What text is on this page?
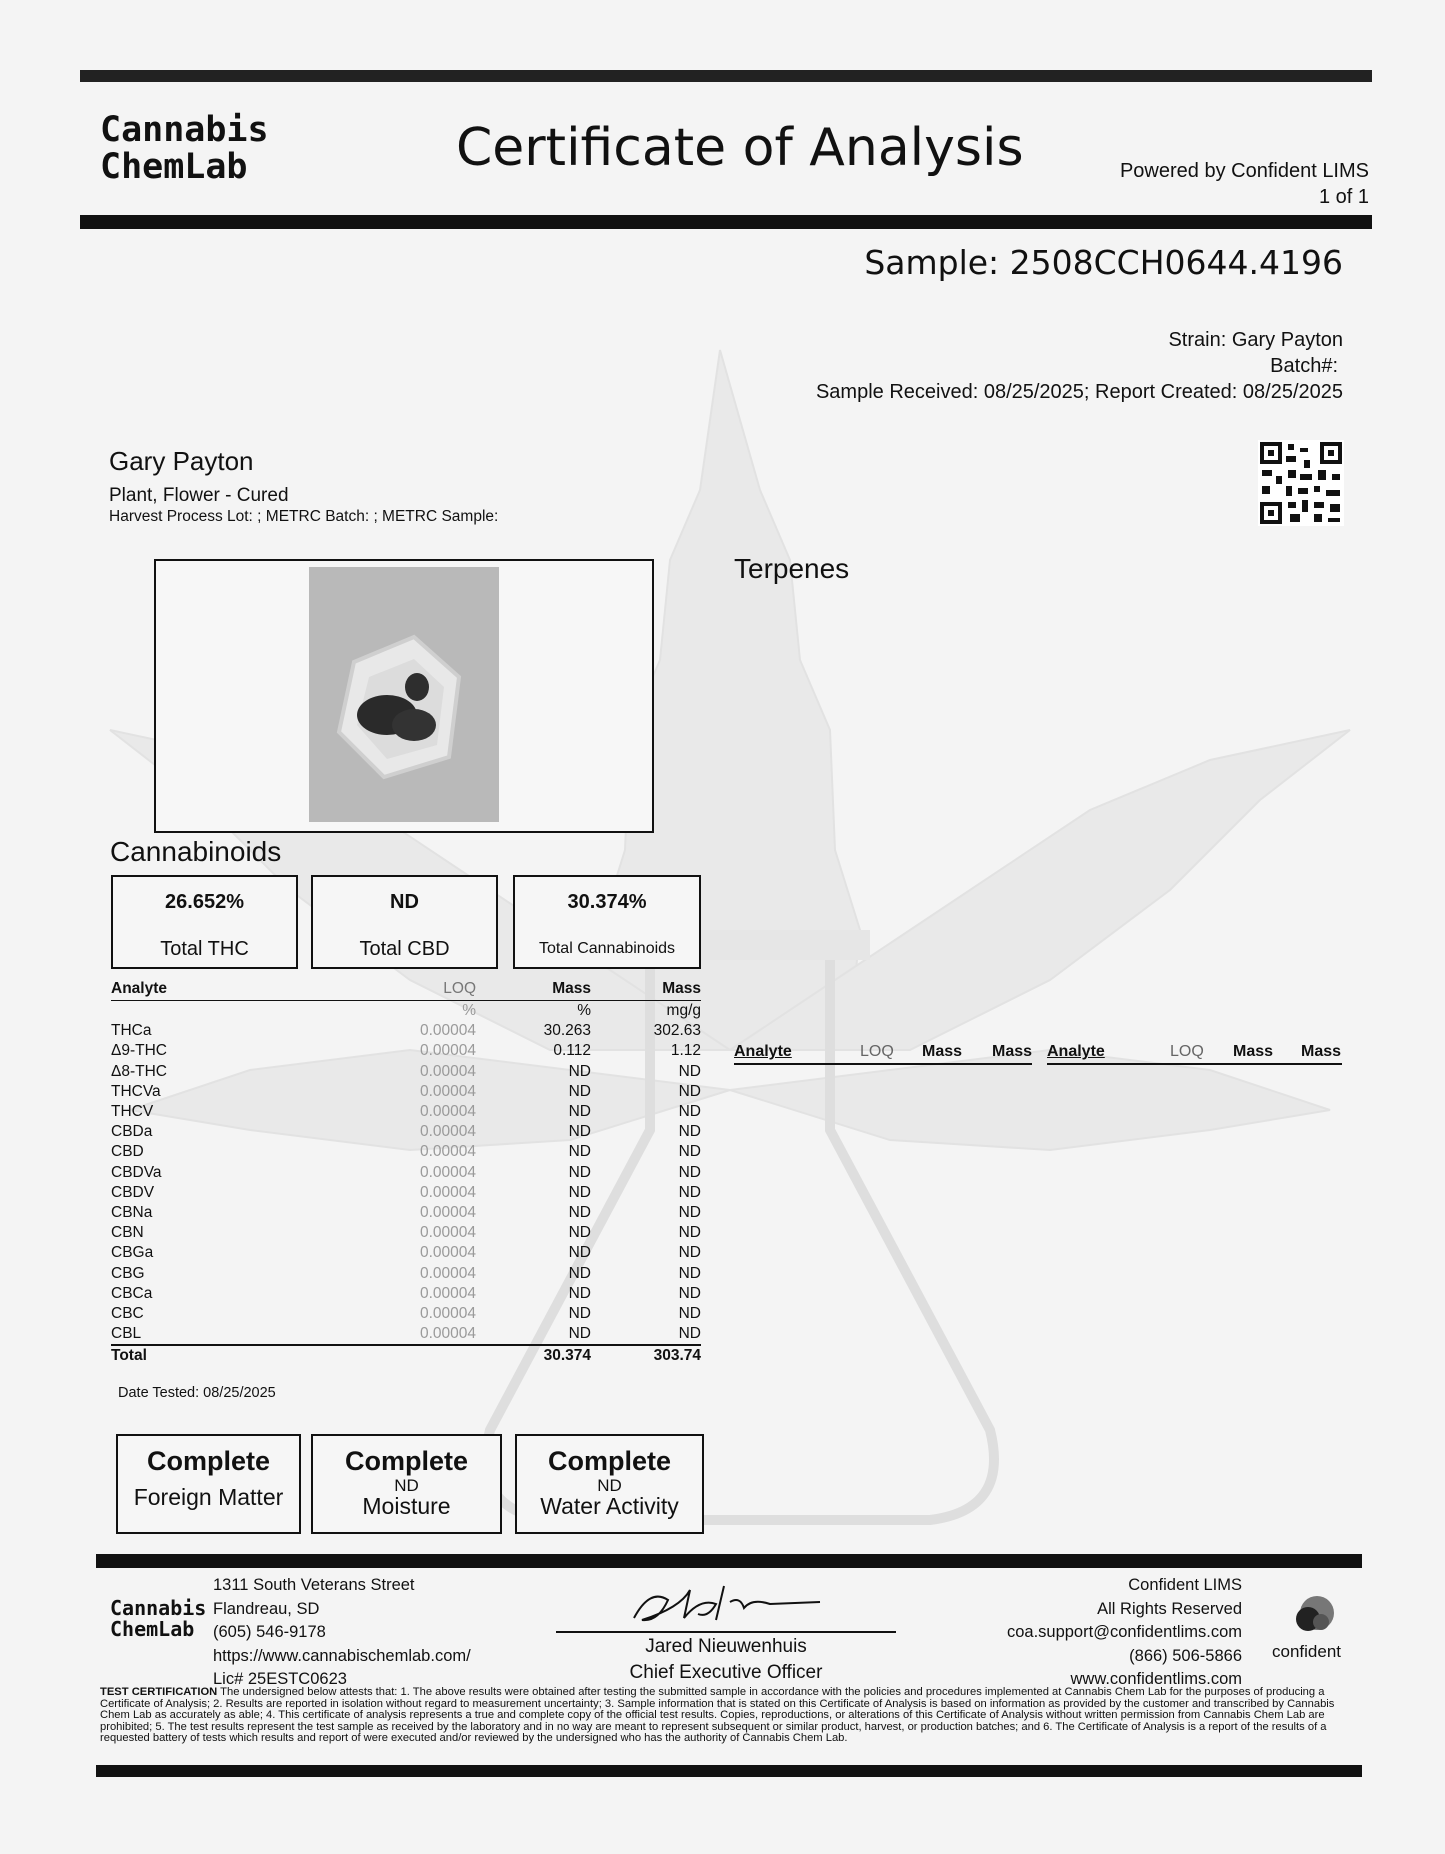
Cannabis
ChemLab	Certificate of Analysis	Powered by Confident LIMS
1 of 1
Sample: 2508CCH0644.4196
Strain: Gary Payton
Batch#:
Sample Received: 08/25/2025; Report Created: 08/25/2025
Gary Payton
Plant, Flower - Cured
Harvest Process Lot: ; METRC Batch: ; METRC Sample:
Cannabinoids
26.652%
Total THC
ND
Total CBD
30.374%
Total Cannabinoids
Analyte	LOQ	Mass	Mass
	%	%	mg/g
THCa	0.00004	30.263	302.63
Δ9-THC	0.00004	0.112	1.12
Δ8-THC	0.00004	ND	ND
THCVa	0.00004	ND	ND
THCV	0.00004	ND	ND
CBDa	0.00004	ND	ND
CBD	0.00004	ND	ND
CBDVa	0.00004	ND	ND
CBDV	0.00004	ND	ND
CBNa	0.00004	ND	ND
CBN	0.00004	ND	ND
CBGa	0.00004	ND	ND
CBG	0.00004	ND	ND
CBCa	0.00004	ND	ND
CBC	0.00004	ND	ND
CBL	0.00004	ND	ND
Total		30.374	303.74
Date Tested: 08/25/2025
Terpenes
Analyte	LOQ Mass Mass Analyte	LOQ Mass Mass
Complete
Foreign Matter
Complete
ND
Moisture
Complete
ND
Water Activity
Cannabis
ChemLab
1311 South Veterans Street
Flandreau, SD
(605) 546-9178
https://www.cannabischemlab.com/
Lic# 25ESTC0623
Jared Nieuwenhuis
Chief Executive Officer
Confident LIMS
All Rights Reserved
coa.support@confidentlims.com
(866) 506-5866
www.confidentlims.com
confident
TEST CERTIFICATION The undersigned below attests that: 1. The above results were obtained after testing the submitted sample in accordance with the policies and procedures implemented at Cannabis Chem Lab for the purposes of producing a Certificate of Analysis; 2. Results are reported in isolation without regard to measurement uncertainty; 3. Sample information that is stated on this Certificate of Analysis is based on information as provided by the customer and transcribed by Cannabis Chem Lab as accurately as able; 4. This certificate of analysis represents a true and complete copy of the official test results. Copies, reproductions, or alterations of this Certificate of Analysis without written permission from Cannabis Chem Lab are prohibited; 5. The test results represent the test sample as received by the laboratory and in no way are meant to represent subsequent or similar product, harvest, or production batches; and 6. The Certificate of Analysis is a report of the results of a requested battery of tests which results and report of were executed and/or reviewed by the undersigned who has the authority of Cannabis Chem Lab.
